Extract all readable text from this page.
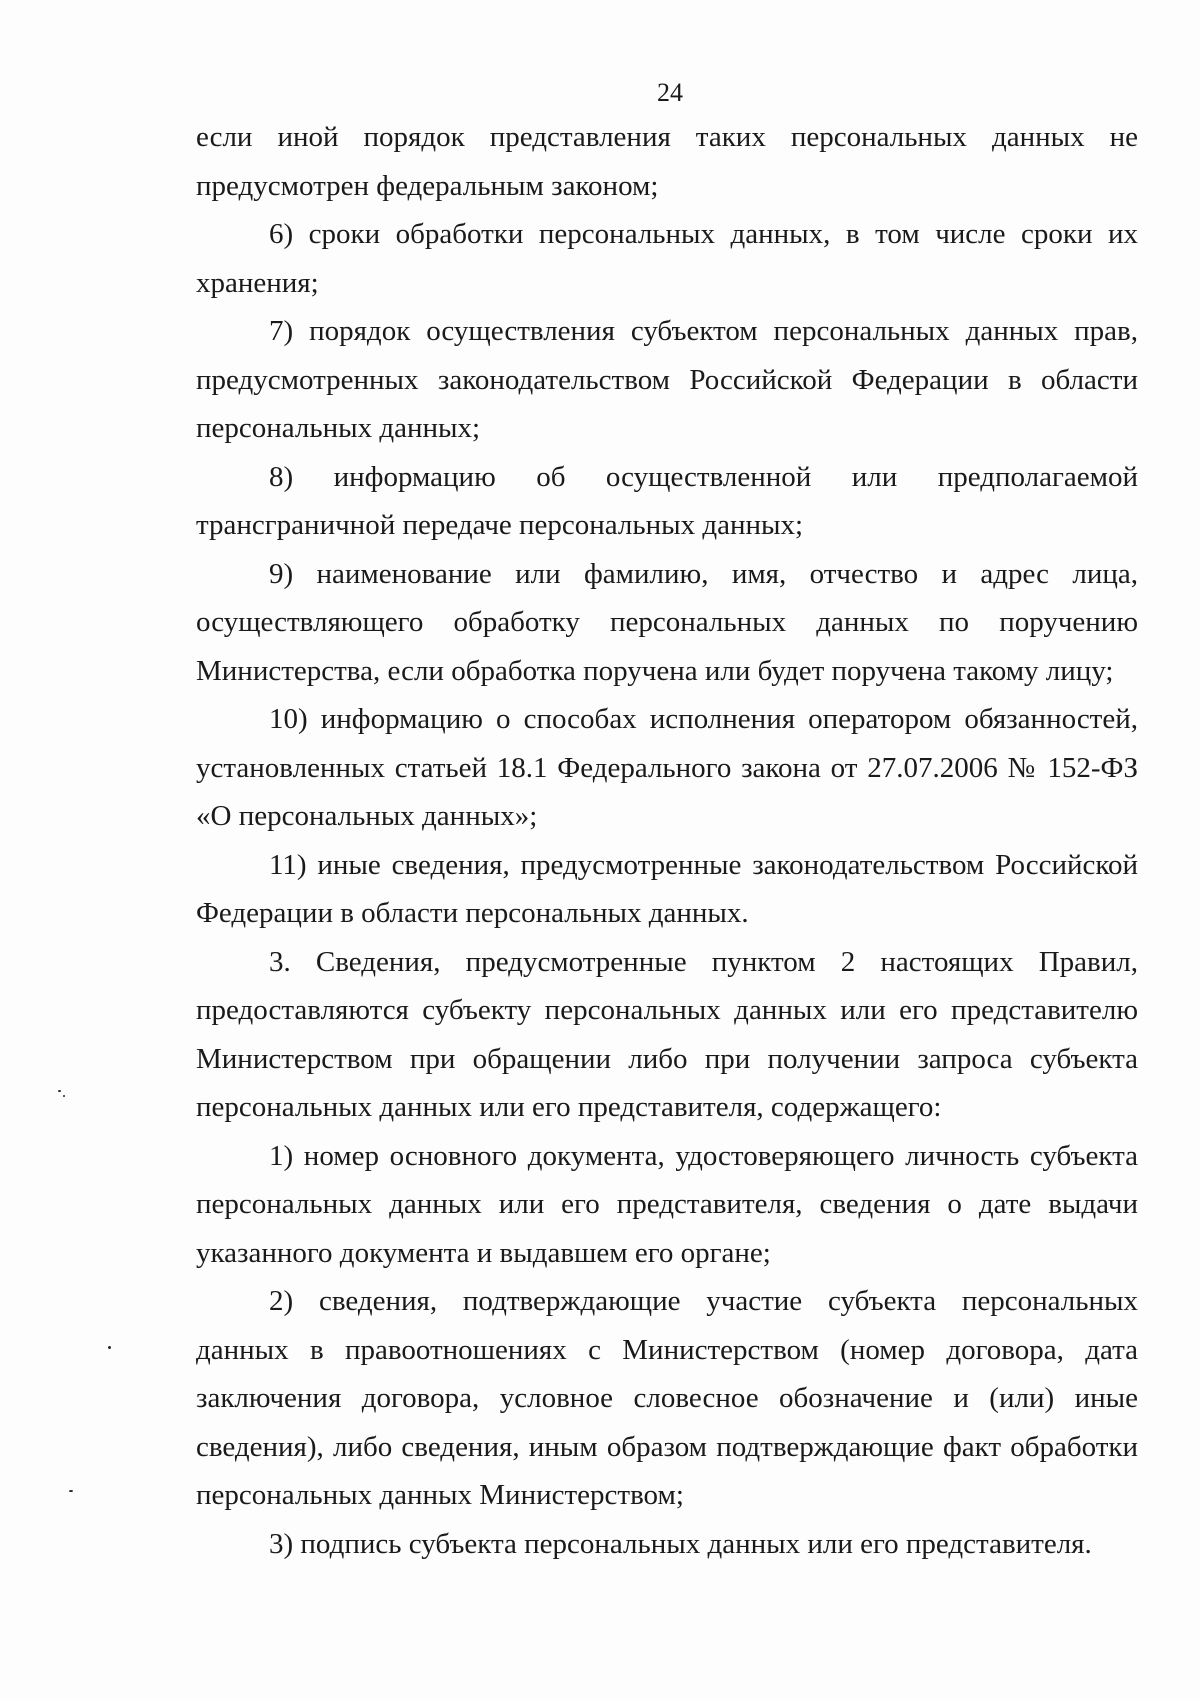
24

если иной порядок представления таких персональных данных не предусмотрен федеральным законом;

6) сроки обработки персональных данных, в том числе сроки их хранения;

7) порядок осуществления субъектом персональных данных прав, предусмотренных законодательством Российской Федерации в области персональных данных;

8) информацию об осуществленной или предполагаемой трансграничной передаче персональных данных;

9) наименование или фамилию, имя, отчество и адрес лица, осуществляющего обработку персональных данных по поручению Министерства, если обработка поручена или будет поручена такому лицу;

10) информацию о способах исполнения оператором обязанностей, установленных статьей 18.1 Федерального закона от 27.07.2006 № 152-ФЗ «О персональных данных»;

11) иные сведения, предусмотренные законодательством Российской Федерации в области персональных данных.

3. Сведения, предусмотренные пунктом 2 настоящих Правил, предоставляются субъекту персональных данных или его представителю Министерством при обращении либо при получении запроса субъекта персональных данных или его представителя, содержащего:

1) номер основного документа, удостоверяющего личность субъекта персональных данных или его представителя, сведения о дате выдачи указанного документа и выдавшем его органе;

2) сведения, подтверждающие участие субъекта персональных данных в правоотношениях с Министерством (номер договора, дата заключения договора, условное словесное обозначение и (или) иные сведения), либо сведения, иным образом подтверждающие факт обработки персональных данных Министерством;

3) подпись субъекта персональных данных или его представителя.
